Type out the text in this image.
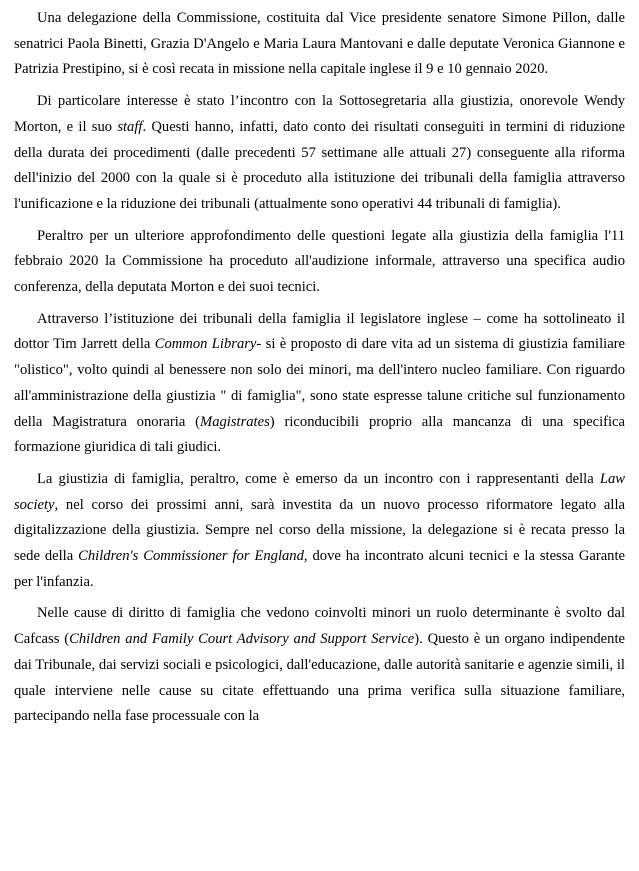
Una delegazione della Commissione, costituita dal Vice presidente senatore Simone Pillon, dalle senatrici Paola Binetti, Grazia D'Angelo e Maria Laura Mantovani e dalle deputate Veronica Giannone e Patrizia Prestipino, si è così recata in missione nella capitale inglese il 9 e 10 gennaio 2020.

Di particolare interesse è stato l’incontro con la Sottosegretaria alla giustizia, onorevole Wendy Morton, e il suo staff. Questi hanno, infatti, dato conto dei risultati conseguiti in termini di riduzione della durata dei procedimenti (dalle precedenti 57 settimane alle attuali 27) conseguente alla riforma dell'inizio del 2000 con la quale si è proceduto alla istituzione dei tribunali della famiglia attraverso l'unificazione e la riduzione dei tribunali (attualmente sono operativi 44 tribunali di famiglia).

Peraltro per un ulteriore approfondimento delle questioni legate alla giustizia della famiglia l'11 febbraio 2020 la Commissione ha proceduto all'audizione informale, attraverso una specifica audio conferenza, della deputata Morton e dei suoi tecnici.

Attraverso l’istituzione dei tribunali della famiglia il legislatore inglese – come ha sottolineato il dottor Tim Jarrett della Common Library- si è proposto di dare vita ad un sistema di giustizia familiare "olistico", volto quindi al benessere non solo dei minori, ma dell'intero nucleo familiare. Con riguardo all'amministrazione della giustizia " di famiglia", sono state espresse talune critiche sul funzionamento della Magistratura onoraria (Magistrates) riconducibili proprio alla mancanza di una specifica formazione giuridica di tali giudici.

La giustizia di famiglia, peraltro, come è emerso da un incontro con i rappresentanti della Law society, nel corso dei prossimi anni, sarà investita da un nuovo processo riformatore legato alla digitalizzazione della giustizia. Sempre nel corso della missione, la delegazione si è recata presso la sede della Children's Commissioner for England, dove ha incontrato alcuni tecnici e la stessa Garante per l'infanzia.

Nelle cause di diritto di famiglia che vedono coinvolti minori un ruolo determinante è svolto dal Cafcass (Children and Family Court Advisory and Support Service). Questo è un organo indipendente dai Tribunale, dai servizi sociali e psicologici, dall'educazione, dalle autorità sanitarie e agenzie simili, il quale interviene nelle cause su citate effettuando una prima verifica sulla situazione familiare, partecipando nella fase processuale con la
